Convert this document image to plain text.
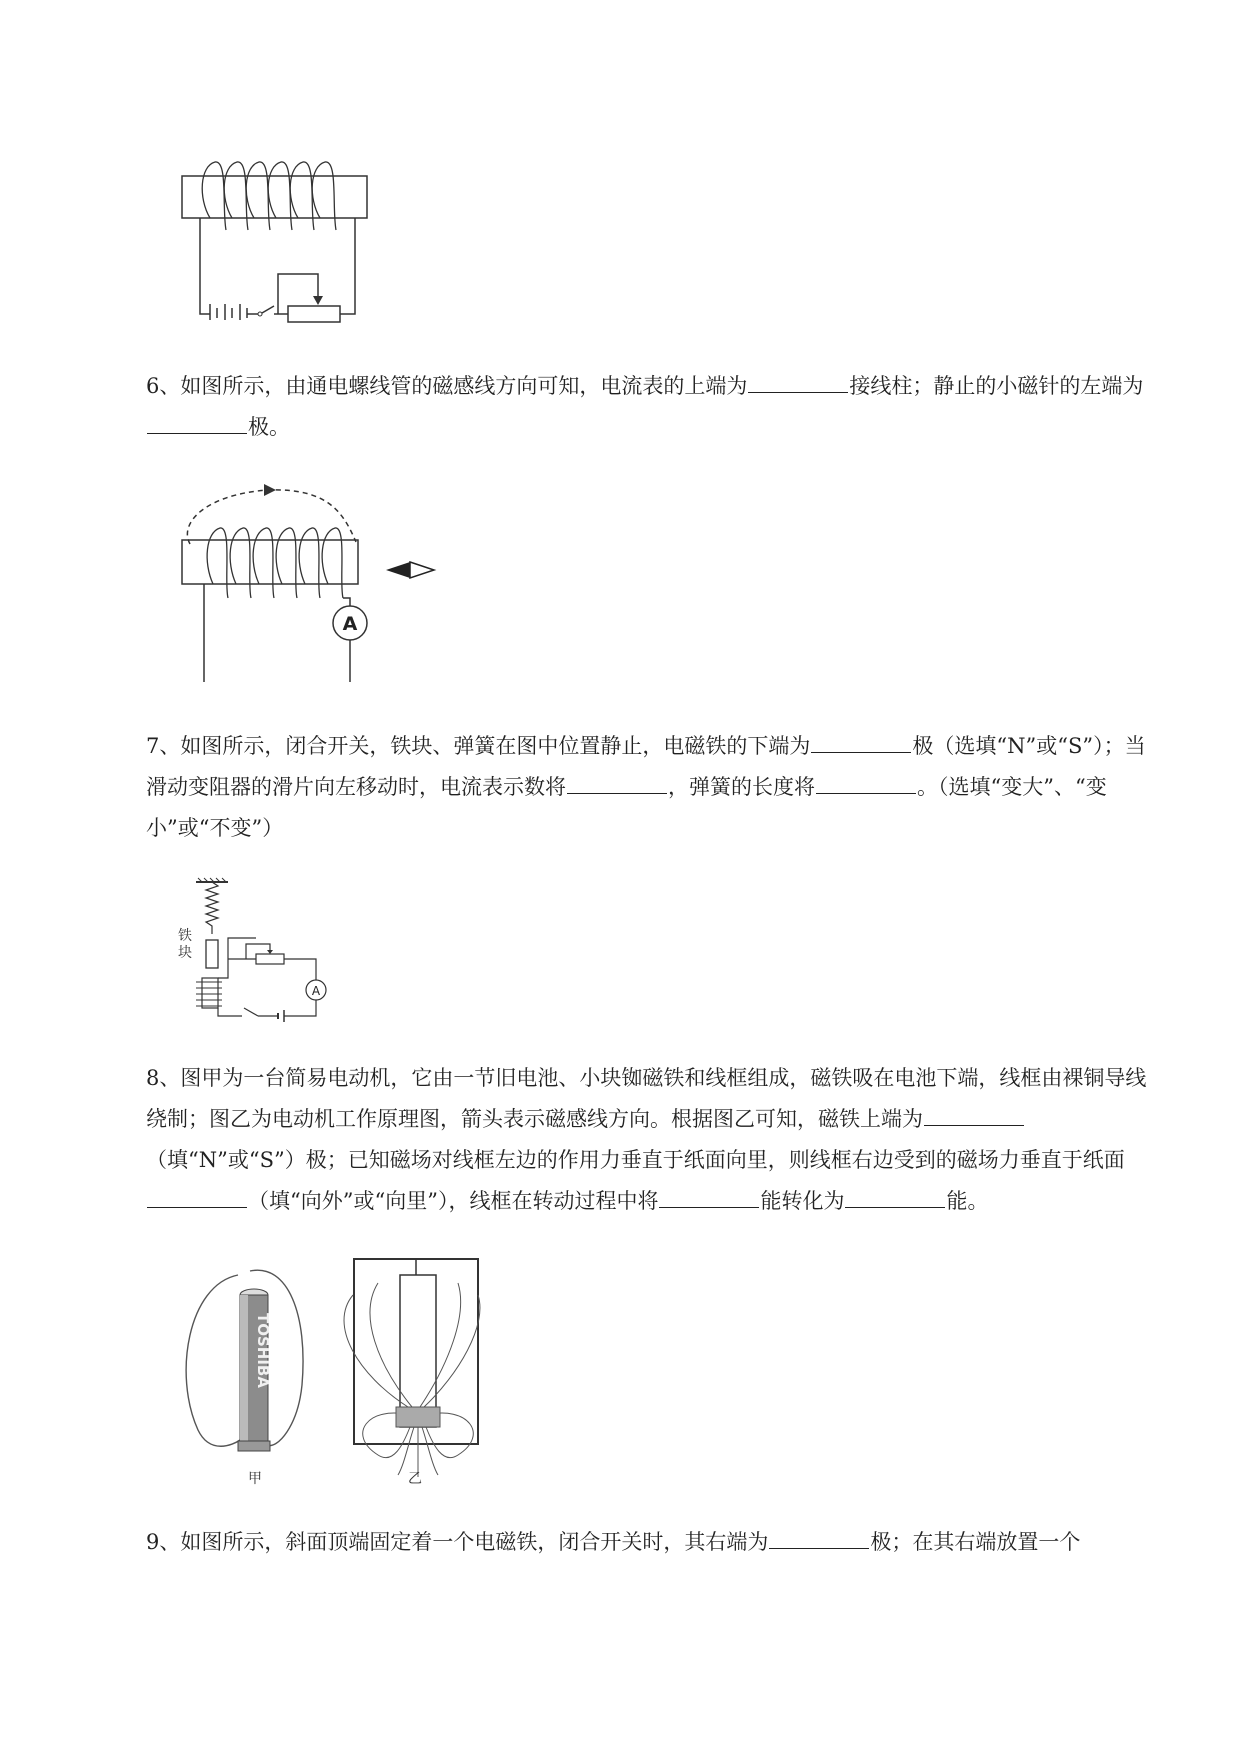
6、如图所示，由通电螺线管的磁感线方向可知，电流表的上端为	接线柱；静止的小磁针的左端为极。

A

7、如图所示，闭合开关，铁块、弹簧在图中位置静止，电磁铁的下端为	极（选填“N”或“S”）；当滑动变阻器的滑片向左移动时，电流表示数将	，弹簧的长度将	。（选填“变大”、“变小”或“不变”）

铁
块
A

8、图甲为一台简易电动机，它由一节旧电池、小块铷磁铁和线框组成，磁铁吸在电池下端，线框由裸铜导线绕制；图乙为电动机工作原理图，箭头表示磁感线方向。根据图乙可知，磁铁上端为（填“N”或“S”）极；已知磁场对线框左边的作用力垂直于纸面向里，则线框右边受到的磁场力垂直于纸面（填“向外”或“向里”），线框在转动过程中将	能转化为	能。

TOSHIBA
甲	乙

9、如图所示，斜面顶端固定着一个电磁铁，闭合开关时，其右端为	极；在其右端放置一个
